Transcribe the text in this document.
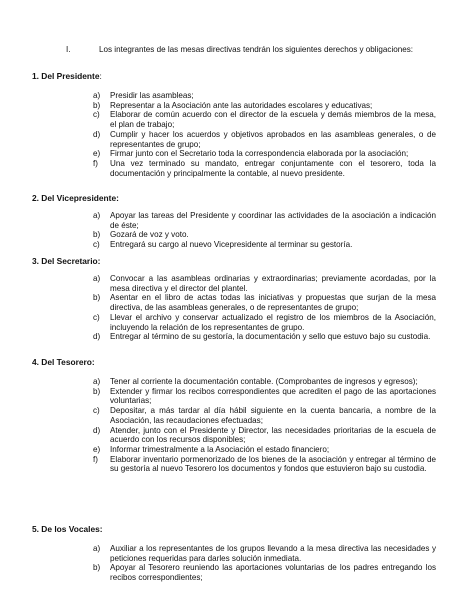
I.	Los integrantes de las mesas directivas tendrán los siguientes derechos y obligaciones:
1. Del Presidente:
a) Presidir las asambleas;
b) Representar a la Asociación ante las autoridades escolares y educativas;
c) Elaborar de común acuerdo con el director de la escuela y demás miembros de la mesa, el plan de trabajo;
d) Cumplir y hacer los acuerdos y objetivos aprobados en las asambleas generales, o de representantes de grupo;
e) Firmar junto con el Secretario toda la correspondencia elaborada por la asociación;
f) Una vez terminado su mandato, entregar conjuntamente con el tesorero, toda la documentación y principalmente la contable, al nuevo presidente.
2. Del Vicepresidente:
a) Apoyar las tareas del Presidente y coordinar las actividades de la asociación a indicación de éste;
b) Gozará de voz y voto.
c) Entregará su cargo al nuevo Vicepresidente al terminar su gestoría.
3. Del Secretario:
a) Convocar a las asambleas ordinarias y extraordinarias; previamente acordadas, por la mesa directiva y el director del plantel.
b) Asentar en el libro de actas todas las iniciativas y propuestas que surjan de la mesa directiva, de las asambleas generales, o de representantes de grupo;
c) Llevar el archivo y conservar actualizado el registro de los miembros de la Asociación, incluyendo la relación de los representantes de grupo.
d) Entregar al término de su gestoría, la documentación y sello que estuvo bajo su custodia.
4. Del Tesorero:
a) Tener al corriente la documentación contable. (Comprobantes de ingresos y egresos);
b) Extender y firmar los recibos correspondientes que acrediten el pago de las aportaciones voluntarias;
c) Depositar, a más tardar al día hábil siguiente en la cuenta bancaria, a nombre de la Asociación, las recaudaciones efectuadas;
d) Atender, junto con el Presidente y Director, las necesidades prioritarias de la escuela de acuerdo con los recursos disponibles;
e) Informar trimestralmente a la Asociación el estado financiero;
f) Elaborar inventario pormenorizado de los bienes de la asociación y entregar al término de su gestoría al nuevo Tesorero los documentos y fondos que estuvieron bajo su custodia.
5. De los Vocales:
a) Auxiliar a los representantes de los grupos llevando a la mesa directiva las necesidades y peticiones requeridas para darles solución inmediata.
b) Apoyar al Tesorero reuniendo las aportaciones voluntarias de los padres entregando los recibos correspondientes;
